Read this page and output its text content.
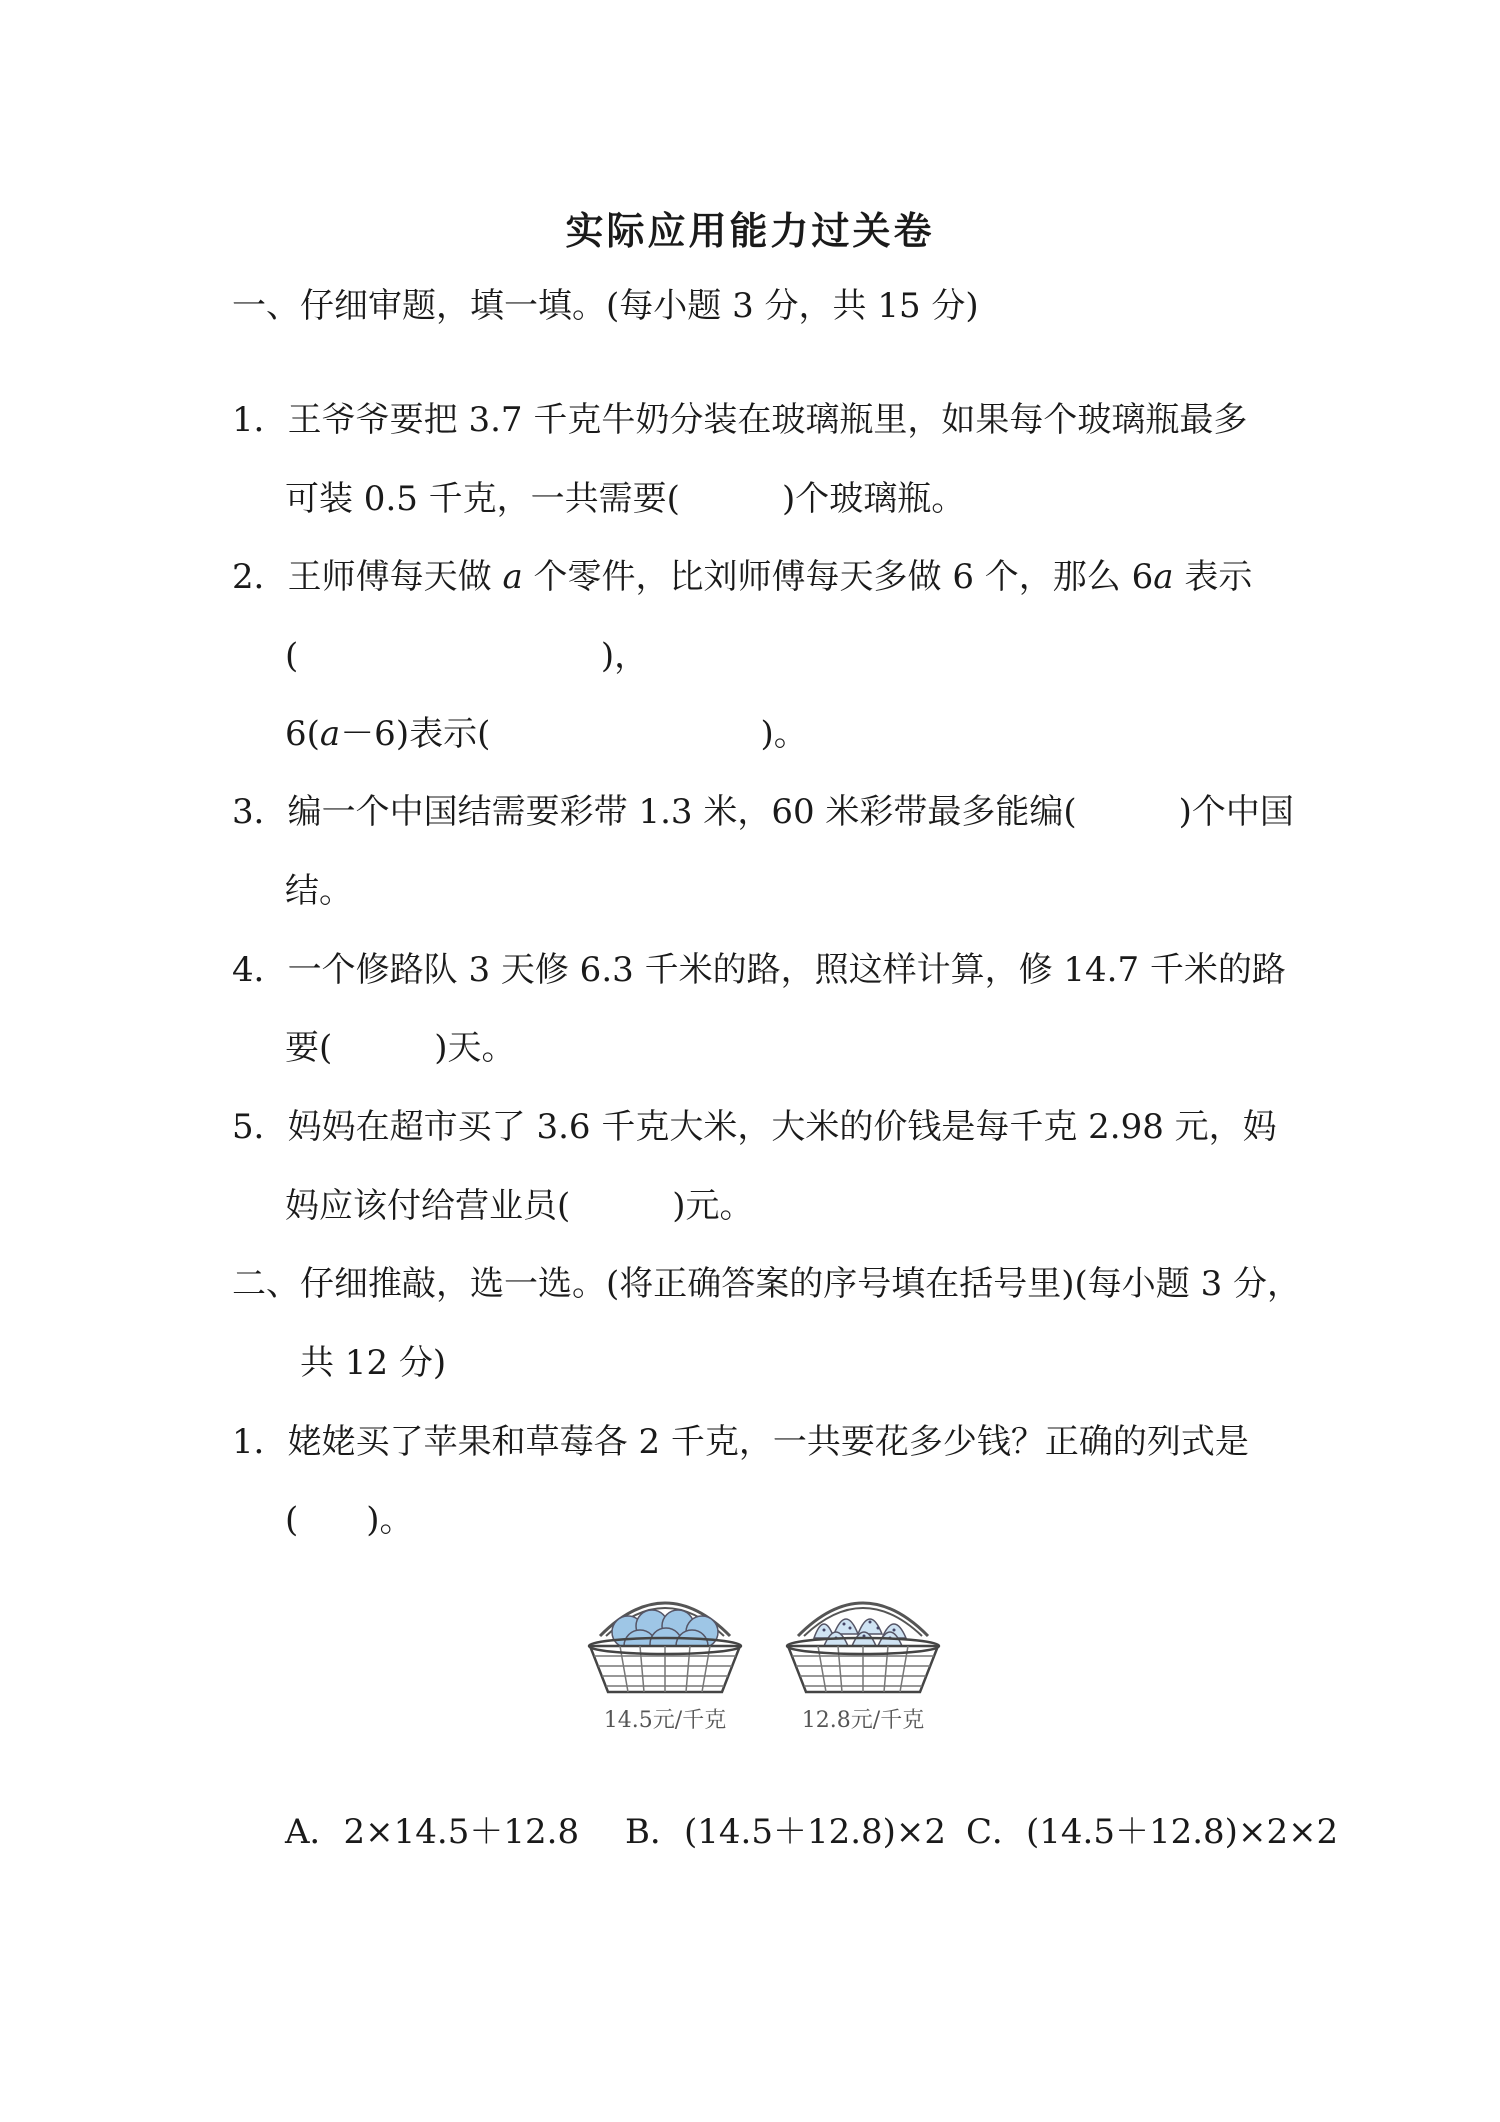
实际应用能力过关卷
一、仔细审题，填一填。(每小题 3 分，共 15 分)
1．王爷爷要把 3.7 千克牛奶分装在玻璃瓶里，如果每个玻璃瓶最多
可装 0.5 千克，一共需要(　　　)个玻璃瓶。
2．王师傅每天做 a 个零件，比刘师傅每天多做 6 个，那么 6a 表示
(                            )，
6(a－6)表示(                         )。
3．编一个中国结需要彩带 1.3 米，60 米彩带最多能编(　　　)个中国
结。
4．一个修路队 3 天修 6.3 千米的路，照这样计算，修 14.7 千米的路
要(　　　)天。
5．妈妈在超市买了 3.6 千克大米，大米的价钱是每千克 2.98 元，妈
妈应该付给营业员(　　　)元。
二、仔细推敲，选一选。(将正确答案的序号填在括号里)(每小题 3 分，
共 12 分)
1．姥姥买了苹果和草莓各 2 千克，一共要花多少钱？正确的列式是
(　　)。
14.5元/千克	12.8元/千克
A．2×14.5＋12.8 B．(14.5＋12.8)×2 C．(14.5＋12.8)×2×2
